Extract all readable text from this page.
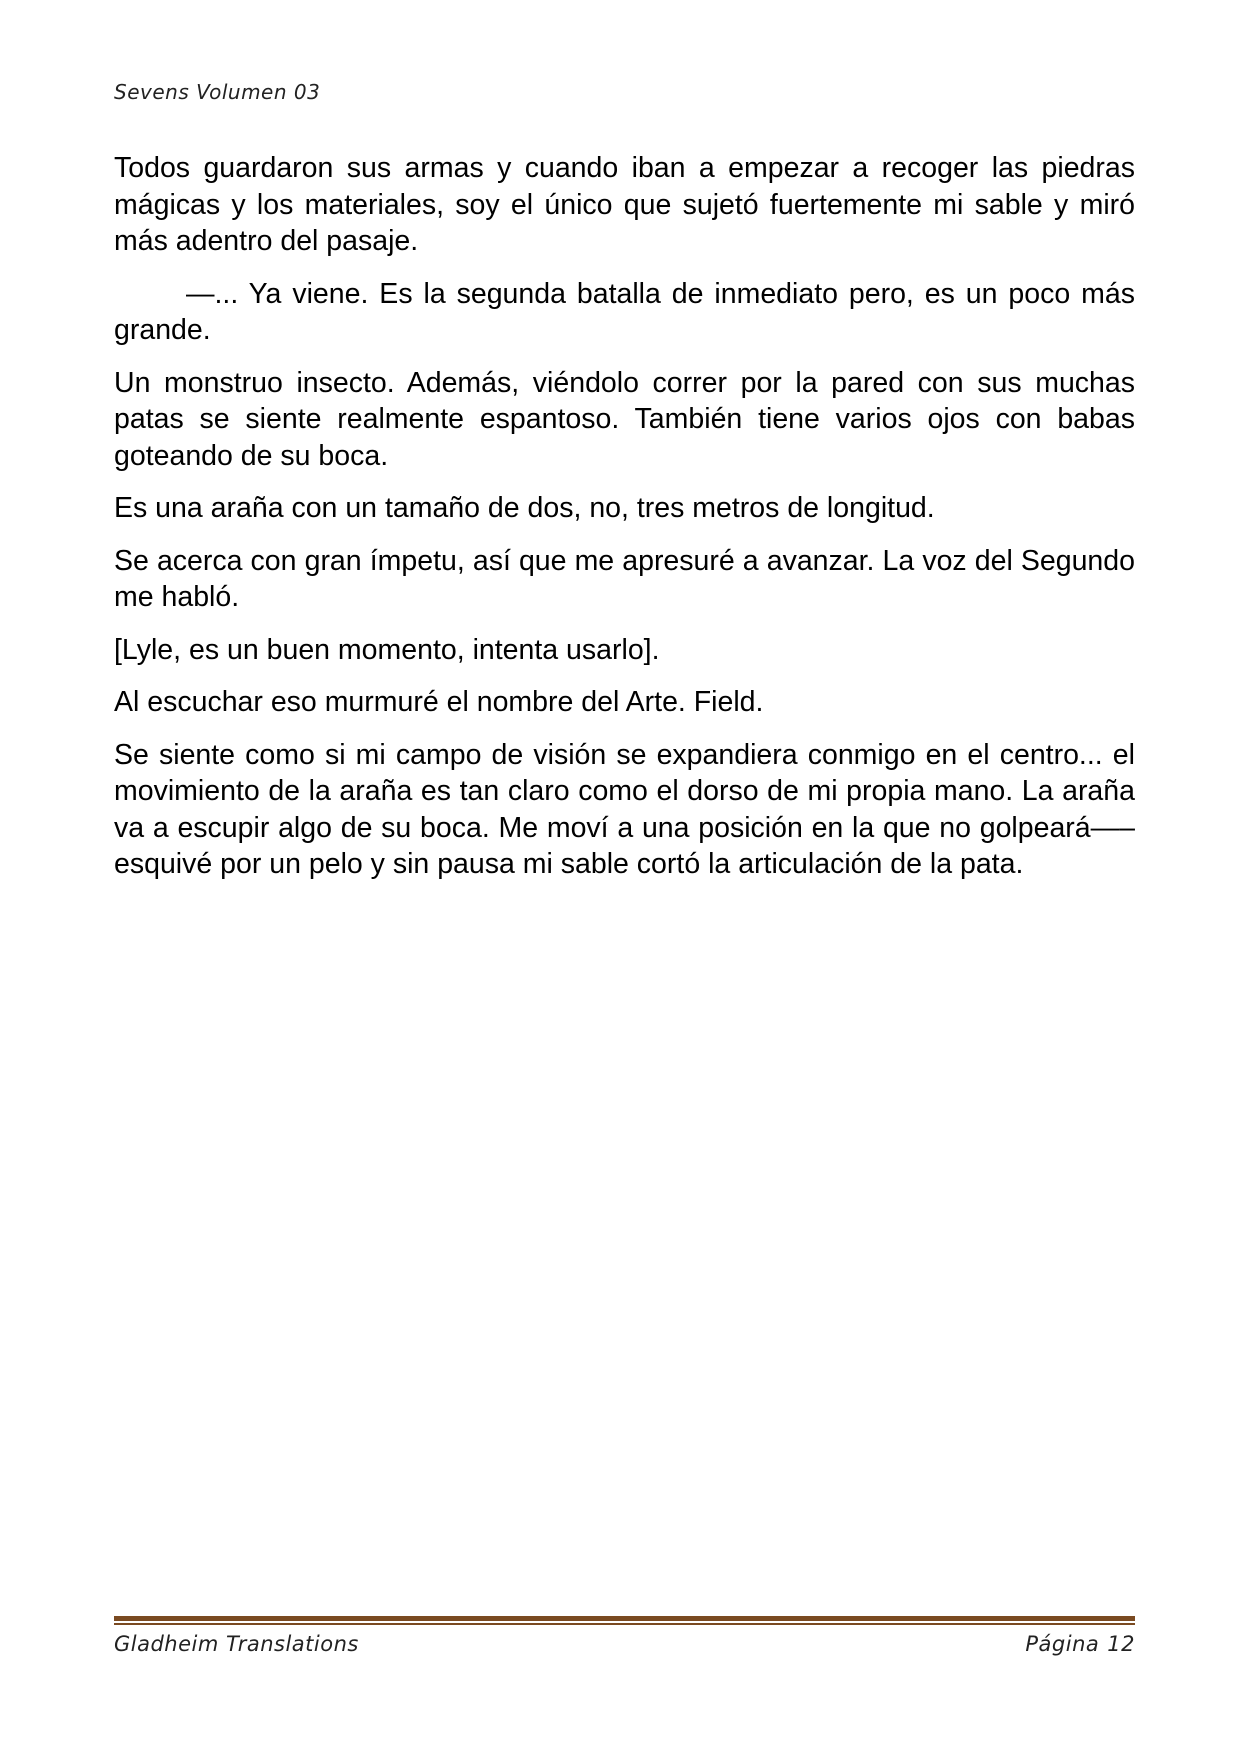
Sevens Volumen 03

Todos guardaron sus armas y cuando iban a empezar a recoger las piedras mágicas y los materiales, soy el único que sujetó fuertemente mi sable y miró más adentro del pasaje.

—... Ya viene. Es la segunda batalla de inmediato pero, es un poco más grande.

Un monstruo insecto. Además, viéndolo correr por la pared con sus muchas patas se siente realmente espantoso. También tiene varios ojos con babas goteando de su boca.

Es una araña con un tamaño de dos, no, tres metros de longitud.

Se acerca con gran ímpetu, así que me apresuré a avanzar. La voz del Segundo me habló.

[Lyle, es un buen momento, intenta usarlo].

Al escuchar eso murmuré el nombre del Arte. Field.

Se siente como si mi campo de visión se expandiera conmigo en el centro... el movimiento de la araña es tan claro como el dorso de mi propia mano. La araña va a escupir algo de su boca. Me moví a una posición en la que no golpeará—– esquivé por un pelo y sin pausa mi sable cortó la articulación de la pata.

Gladheim Translations	Página 12
